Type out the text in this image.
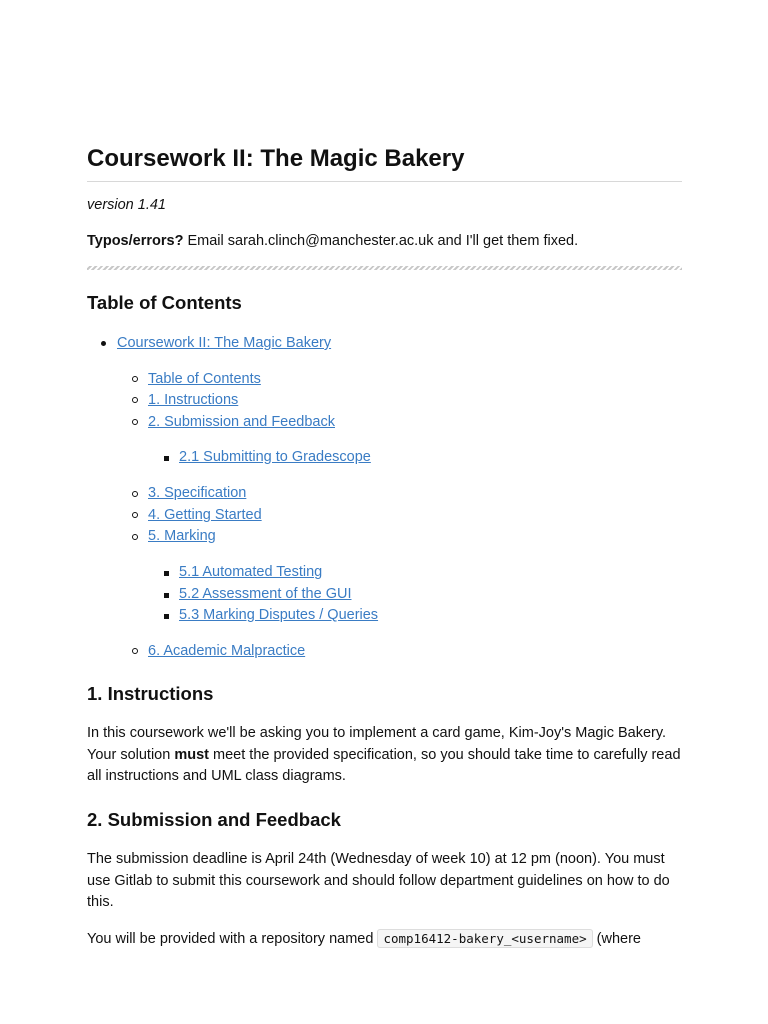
Coursework II: The Magic Bakery

version 1.41

Typos/errors? Email sarah.clinch@manchester.ac.uk and I'll get them fixed.

Table of Contents
Coursework II: The Magic Bakery
Table of Contents
1. Instructions
2. Submission and Feedback
2.1 Submitting to Gradescope
3. Specification
4. Getting Started
5. Marking
5.1 Automated Testing
5.2 Assessment of the GUI
5.3 Marking Disputes / Queries
6. Academic Malpractice
1. Instructions

In this coursework we'll be asking you to implement a card game, Kim-Joy's Magic Bakery.
Your solution must meet the provided specification, so you should take time to carefully read
all instructions and UML class diagrams.

2. Submission and Feedback

The submission deadline is April 24th (Wednesday of week 10) at 12 pm (noon). You must
use Gitlab to submit this coursework and should follow department guidelines on how to do
this.

You will be provided with a repository named comp16412-bakery_<username> (where
